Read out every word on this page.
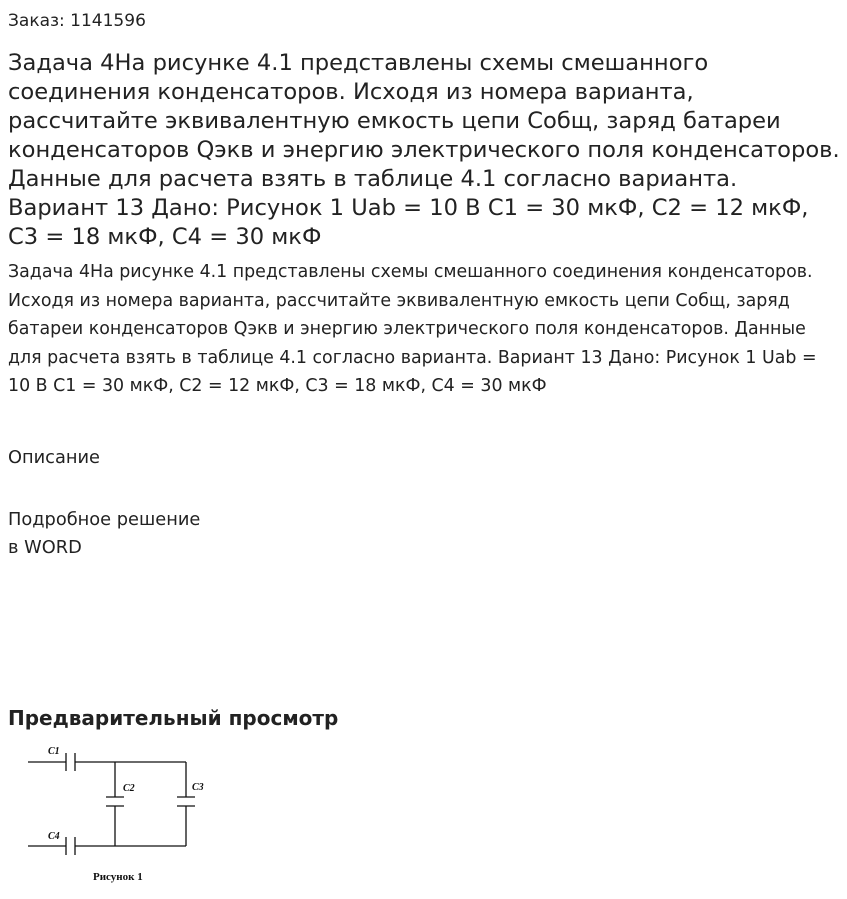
Заказ: 1141596
Задача 4На рисунке 4.1 представлены схемы смешанного соединения конденсаторов. Исходя из номера варианта, рассчитайте эквивалентную емкость цепи Собщ, заряд батареи конденсаторов Qэкв и энергию электрического поля конденсаторов. Данные для расчета взять в таблице 4.1 согласно варианта. Вариант 13 Дано: Рисунок 1 Uab = 10 В C1 = 30 мкФ, C2 = 12 мкФ, C3 = 18 мкФ, C4 = 30 мкФ

Задача 4На рисунке 4.1 представлены схемы смешанного соединения конденсаторов. Исходя из номера варианта, рассчитайте эквивалентную емкость цепи Собщ, заряд батареи конденсаторов Qэкв и энергию электрического поля конденсаторов. Данные для расчета взять в таблице 4.1 согласно варианта. Вариант 13 Дано: Рисунок 1 Uab = 10 В C1 = 30 мкФ, C2 = 12 мкФ, C3 = 18 мкФ, C4 = 30 мкФ

Описание
Подробное решение
в WORD
Предварительный просмотр
C1
C2	C3
C4
Рисунок 1
